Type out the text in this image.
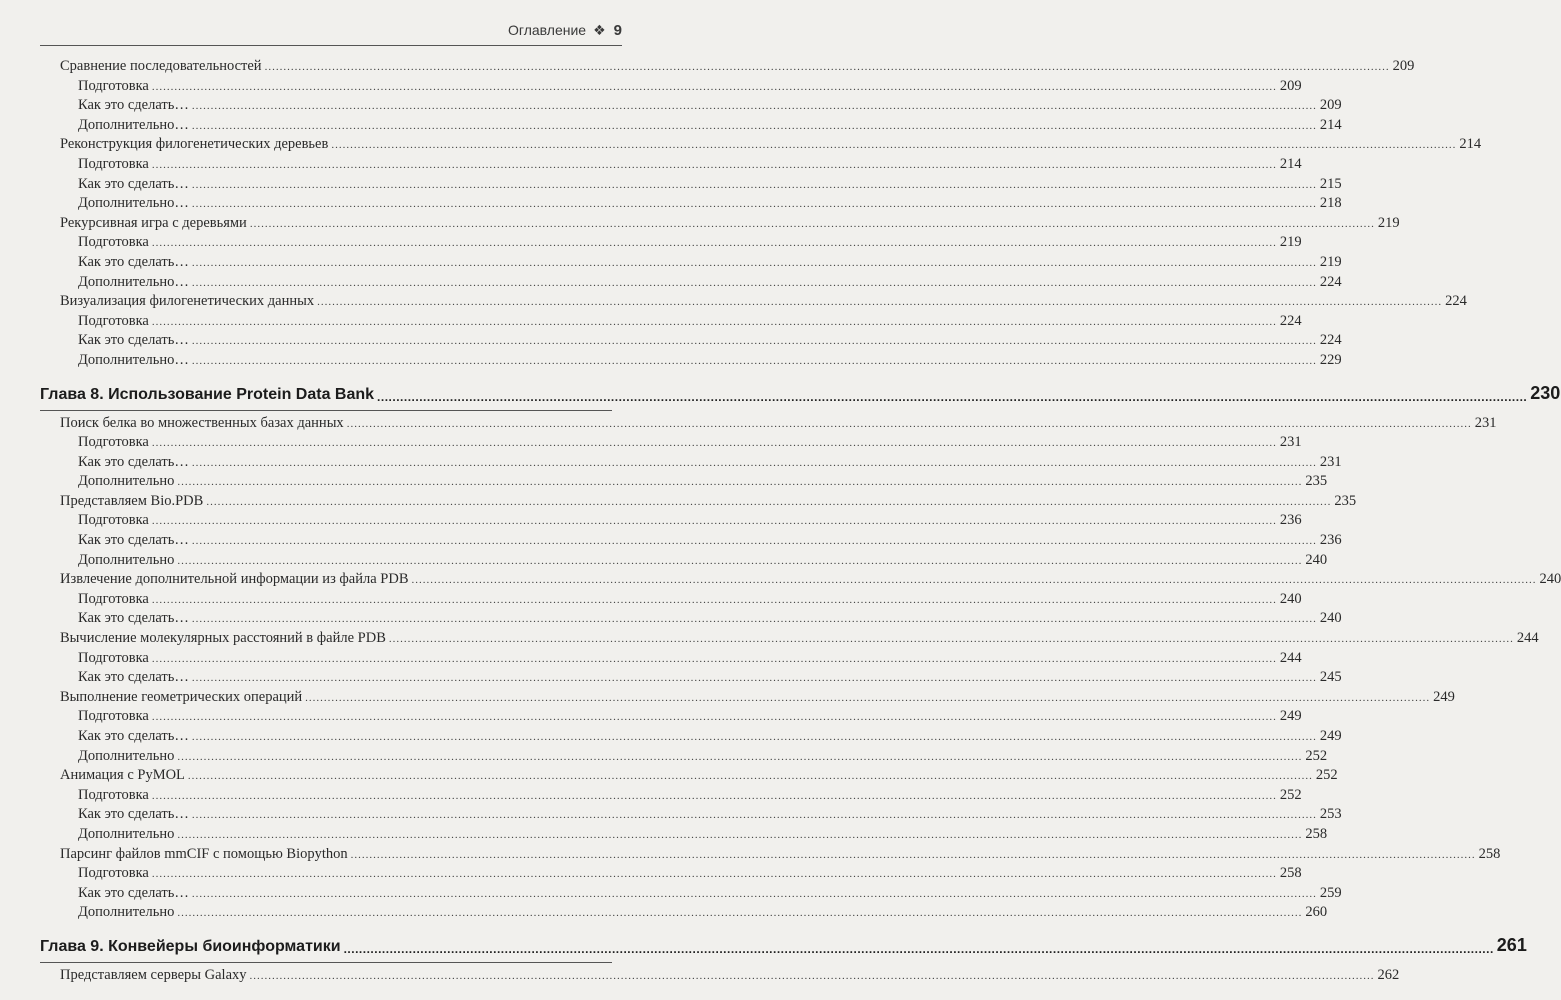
Оглавление ❖ 9
Сравнение последовательностей ............................................................................................................................................................................................................................................................................................................ 209
Подготовка ............................................................................................................................................................................................................................................................................................................ 209
Как это сделать… ............................................................................................................................................................................................................................................................................................................ 209
Дополнительно… ............................................................................................................................................................................................................................................................................................................ 214
Реконструкция филогенетических деревьев ............................................................................................................................................................................................................................................................................................................ 214
Подготовка ............................................................................................................................................................................................................................................................................................................ 214
Как это сделать… ............................................................................................................................................................................................................................................................................................................ 215
Дополнительно… ............................................................................................................................................................................................................................................................................................................ 218
Рекурсивная игра с деревьями ............................................................................................................................................................................................................................................................................................................ 219
Подготовка ............................................................................................................................................................................................................................................................................................................ 219
Как это сделать… ............................................................................................................................................................................................................................................................................................................ 219
Дополнительно… ............................................................................................................................................................................................................................................................................................................ 224
Визуализация филогенетических данных ............................................................................................................................................................................................................................................................................................................ 224
Подготовка ............................................................................................................................................................................................................................................................................................................ 224
Как это сделать… ............................................................................................................................................................................................................................................................................................................ 224
Дополнительно… ............................................................................................................................................................................................................................................................................................................ 229
Глава 8. Использование Protein Data Bank ............................................................................................................................................................................................................................................................................................................ 230
Поиск белка во множественных базах данных ............................................................................................................................................................................................................................................................................................................ 231
Подготовка ............................................................................................................................................................................................................................................................................................................ 231
Как это сделать… ............................................................................................................................................................................................................................................................................................................ 231
Дополнительно ............................................................................................................................................................................................................................................................................................................ 235
Представляем Bio.PDB ............................................................................................................................................................................................................................................................................................................ 235
Подготовка ............................................................................................................................................................................................................................................................................................................ 236
Как это сделать… ............................................................................................................................................................................................................................................................................................................ 236
Дополнительно ............................................................................................................................................................................................................................................................................................................ 240
Извлечение дополнительной информации из файла PDB ............................................................................................................................................................................................................................................................................................................ 240
Подготовка ............................................................................................................................................................................................................................................................................................................ 240
Как это сделать… ............................................................................................................................................................................................................................................................................................................ 240
Вычисление молекулярных расстояний в файле PDB ............................................................................................................................................................................................................................................................................................................ 244
Подготовка ............................................................................................................................................................................................................................................................................................................ 244
Как это сделать… ............................................................................................................................................................................................................................................................................................................ 245
Выполнение геометрических операций ............................................................................................................................................................................................................................................................................................................ 249
Подготовка ............................................................................................................................................................................................................................................................................................................ 249
Как это сделать… ............................................................................................................................................................................................................................................................................................................ 249
Дополнительно ............................................................................................................................................................................................................................................................................................................ 252
Анимация с PyMOL ............................................................................................................................................................................................................................................................................................................ 252
Подготовка ............................................................................................................................................................................................................................................................................................................ 252
Как это сделать… ............................................................................................................................................................................................................................................................................................................ 253
Дополнительно ............................................................................................................................................................................................................................................................................................................ 258
Парсинг файлов mmCIF с помощью Biopython ............................................................................................................................................................................................................................................................................................................ 258
Подготовка ............................................................................................................................................................................................................................................................................................................ 258
Как это сделать… ............................................................................................................................................................................................................................................................................................................ 259
Дополнительно ............................................................................................................................................................................................................................................................................................................ 260
Глава 9. Конвейеры биоинформатики ............................................................................................................................................................................................................................................................................................................ 261
Представляем серверы Galaxy ............................................................................................................................................................................................................................................................................................................ 262
